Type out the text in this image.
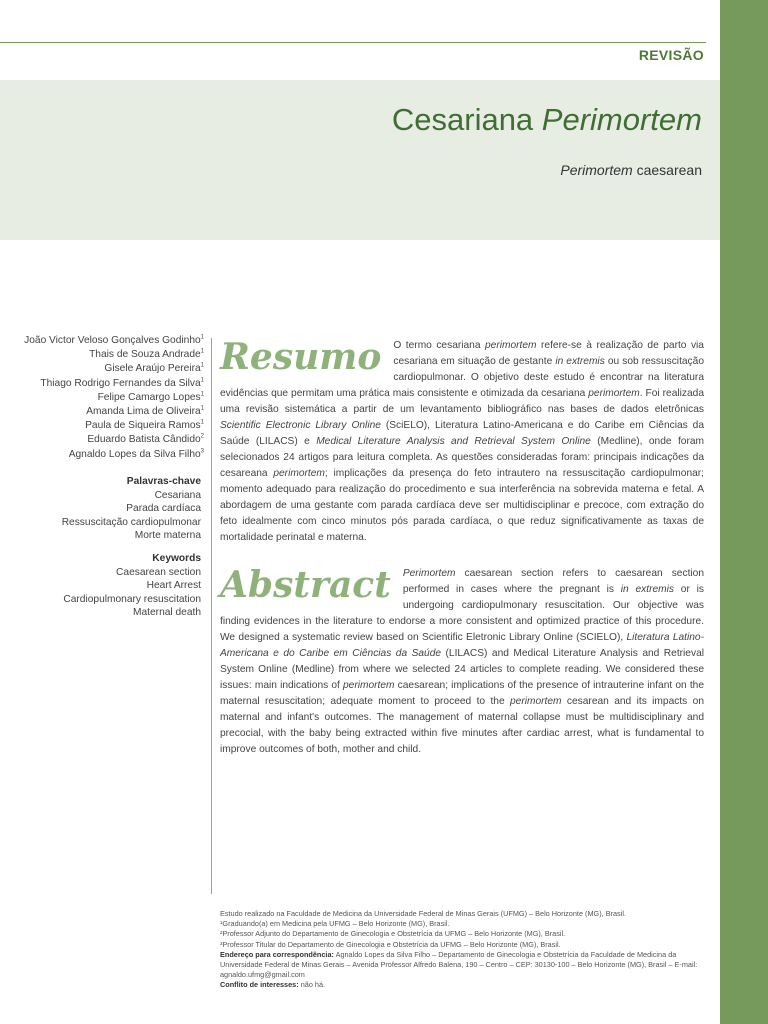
REVISÃO
Cesariana Perimortem
Perimortem caesarean
João Victor Veloso Gonçalves Godinho$^1$
Thais de Souza Andrade$^1$
Gisele Araújo Pereira$^1$
Thiago Rodrigo Fernandes da Silva$^1$
Felipe Camargo Lopes$^1$
Amanda Lima de Oliveira$^1$
Paula de Siqueira Ramos$^1$
Eduardo Batista Cândido$^2$
Agnaldo Lopes da Silva Filho$^3$
Palavras-chave
Cesariana
Parada cardíaca
Ressuscitação cardiopulmonar
Morte materna
Keywords
Caesarean section
Heart Arrest
Cardiopulmonary resuscitation
Maternal death
Resumo O termo cesariana perimortem refere-se à realização de parto via cesariana em situação de gestante in extremis ou sob ressuscitação cardiopulmonar. O objetivo deste estudo é encontrar na literatura evidências que permitam uma prática mais consistente e otimizada da cesariana perimortem. Foi realizada uma revisão sistemática a partir de um levantamento bibliográfico nas bases de dados eletrônicas Scientific Electronic Library Online (SciELO), Literatura Latino-Americana e do Caribe em Ciências da Saúde (LILACS) e Medical Literature Analysis and Retrieval System Online (Medline), onde foram selecionados 24 artigos para leitura completa. As questões consideradas foram: principais indicações da cesareana perimortem; implicações da presença do feto intrautero na ressuscitação cardiopulmonar; momento adequado para realização do procedimento e sua interferência na sobrevida materna e fetal. A abordagem de uma gestante com parada cardíaca deve ser multidisciplinar e precoce, com extração do feto idealmente com cinco minutos pós parada cardíaca, o que reduz significativamente as taxas de mortalidade perinatal e materna.
Abstract Perimortem caesarean section refers to caesarean section performed in cases where the pregnant is in extremis or is undergoing cardiopulmonary resuscitation. Our objective was finding evidences in the literature to endorse a more consistent and optimized practice of this procedure. We designed a systematic review based on Scientific Eletronic Library Online (SCIELO), Literatura Latino-Americana e do Caribe em Ciências da Saúde (LILACS) and Medical Literature Analysis and Retrieval System Online (Medline) from where we selected 24 articles to complete reading. We considered these issues: main indications of perimortem caesarean; implications of the presence of intrauterine infant on the maternal resuscitation; adequate moment to proceed to the perimortem cesarean and its impacts on maternal and infant's outcomes. The management of maternal collapse must be multidisciplinary and precocial, with the baby being extracted within five minutes after cardiac arrest, what is fundamental to improve outcomes of both, mother and child.
Estudo realizado na Faculdade de Medicina da Universidade Federal de Minas Gerais (UFMG) – Belo Horizonte (MG), Brasil.
¹Graduando(a) em Medicina pela UFMG – Belo Horizonte (MG), Brasil.
²Professor Adjunto do Departamento de Ginecologia e Obstetrícia da UFMG – Belo Horizonte (MG), Brasil.
³Professor Titular do Departamento de Ginecologia e Obstetrícia da UFMG – Belo Horizonte (MG), Brasil.
Endereço para correspondência: Agnaldo Lopes da Silva Filho – Departamento de Ginecologia e Obstetrícia da Faculdade de Medicina da Universidade Federal de Minas Gerais – Avenida Professor Alfredo Balena, 190 – Centro – CEP: 30130-100 – Belo Horizonte (MG), Brasil – E-mail: agnaldo.ufmg@gmail.com
Conflito de interesses: não há.
